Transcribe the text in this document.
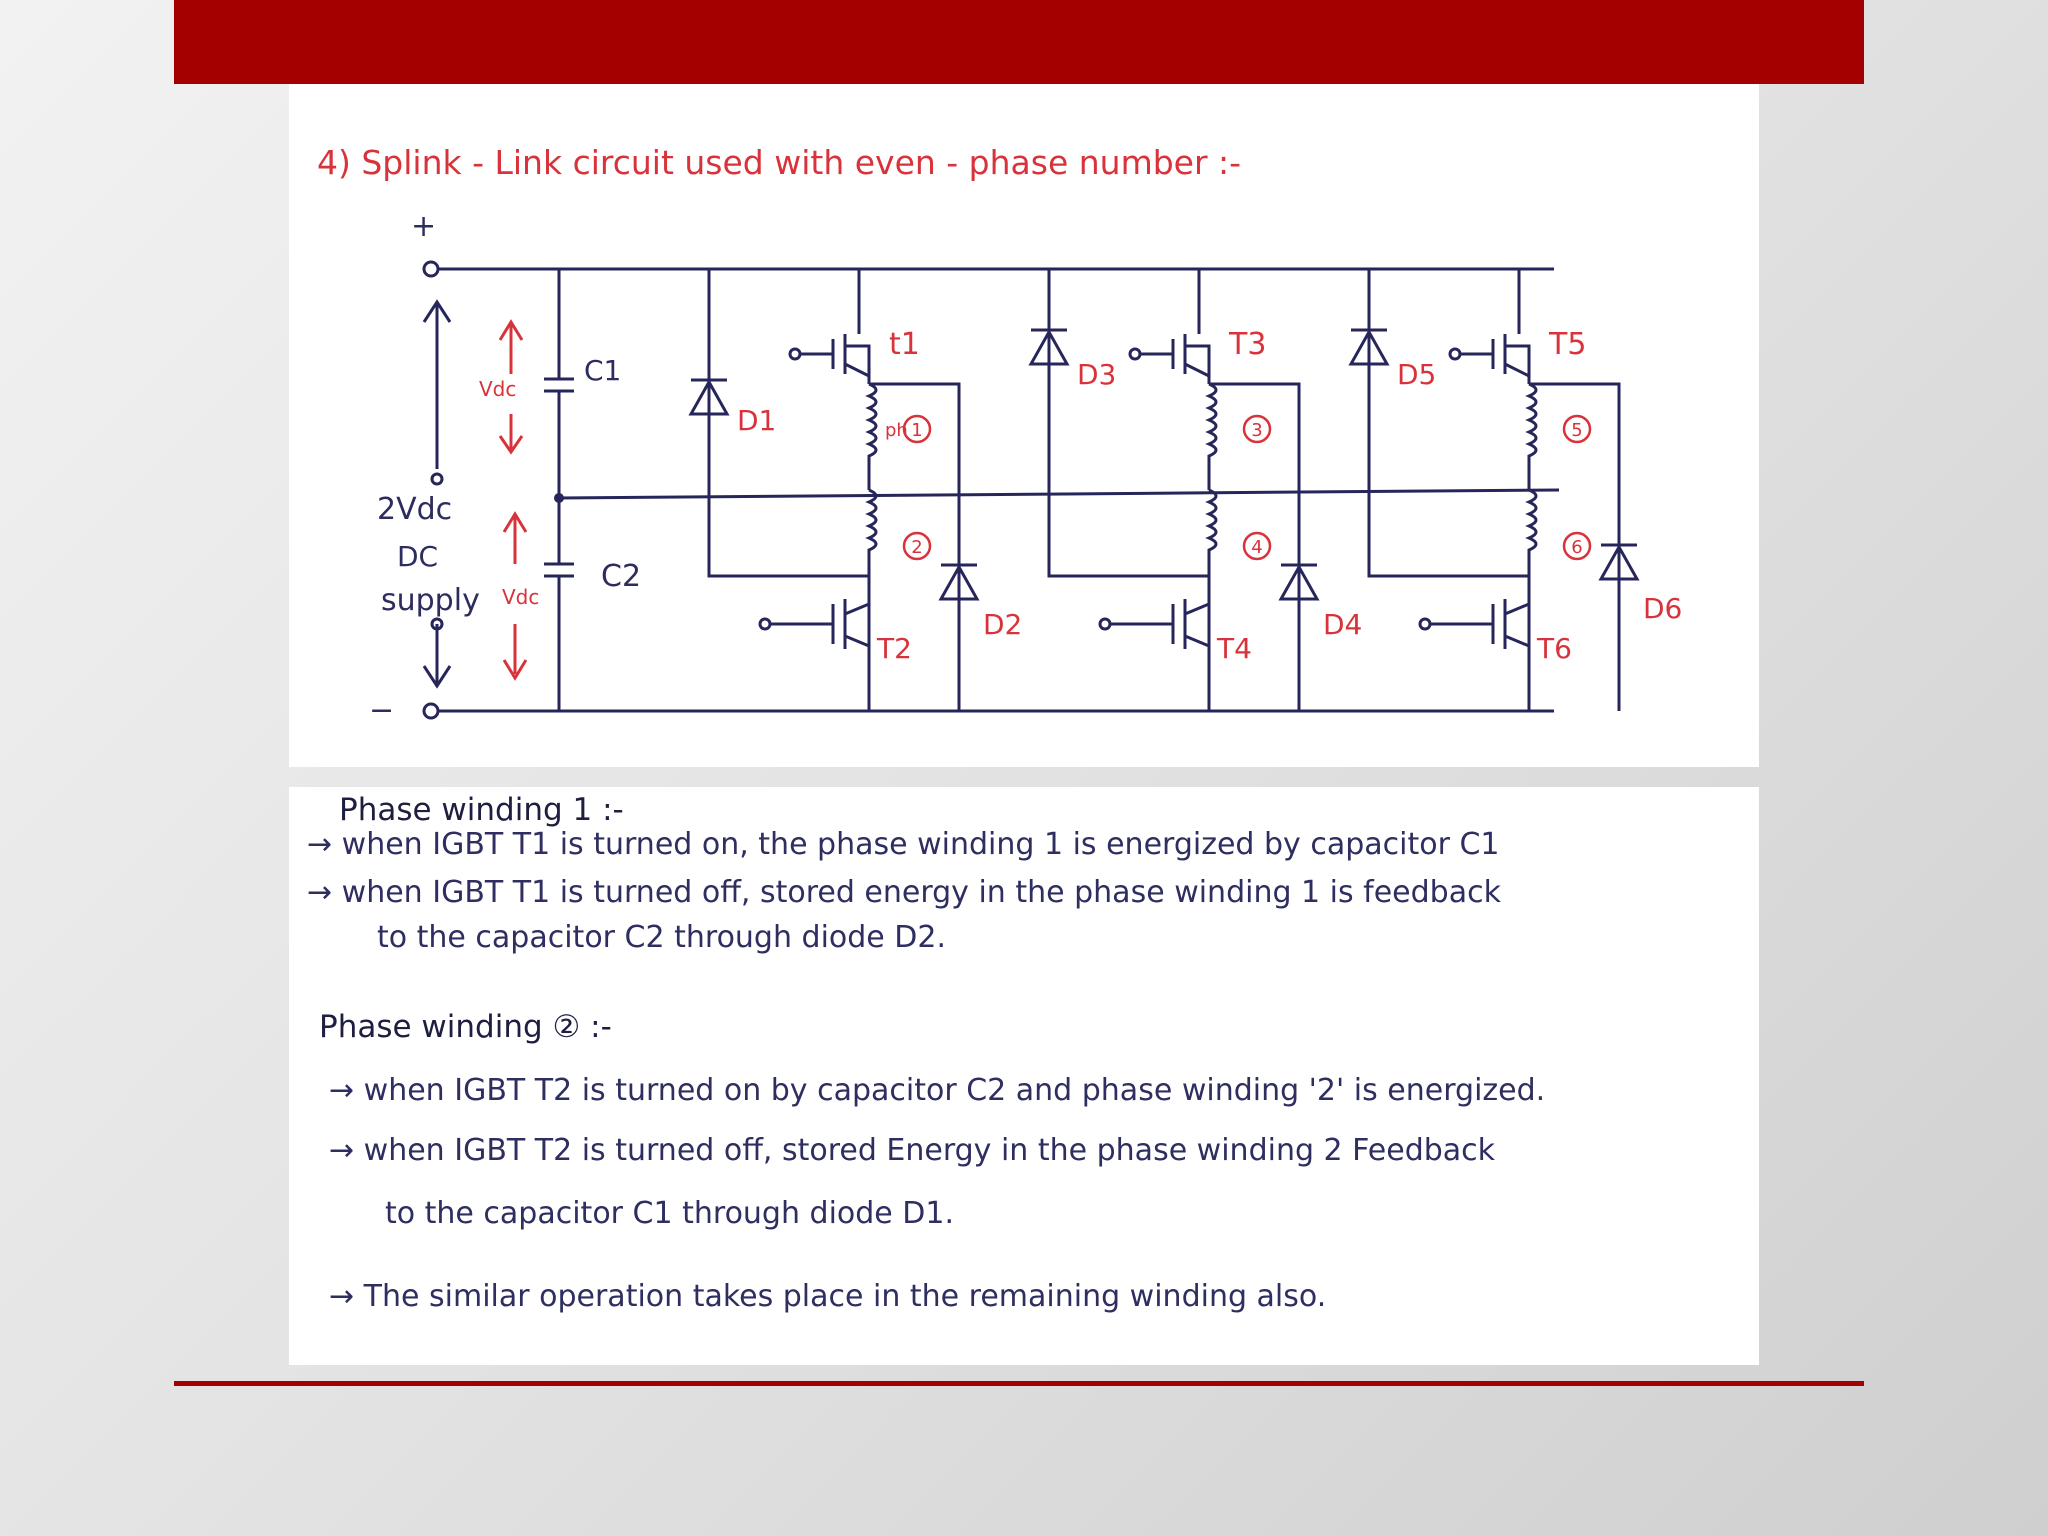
4) Splink - Link circuit used with even - phase number :-
+
−
2Vdc
DC
supply
Vdc
Vdc
C1
C2
t1
T2
D1
D2
1
2
ph
T3
T4
D3
D4
3
4
T5
T6
D5
D6
5
6
Phase winding 1 :-
→ when IGBT T1 is turned on, the phase winding 1 is energized by capacitor C1
→ when IGBT T1 is turned off, stored energy in the phase winding 1 is feedback
to the capacitor C2 through diode D2.
Phase winding ② :-
→ when IGBT T2 is turned on by capacitor C2 and phase winding '2' is energized.
→ when IGBT T2 is turned off, stored Energy in the phase winding 2 Feedback
to the capacitor C1 through diode D1.
→ The similar operation takes place in the remaining winding also.
